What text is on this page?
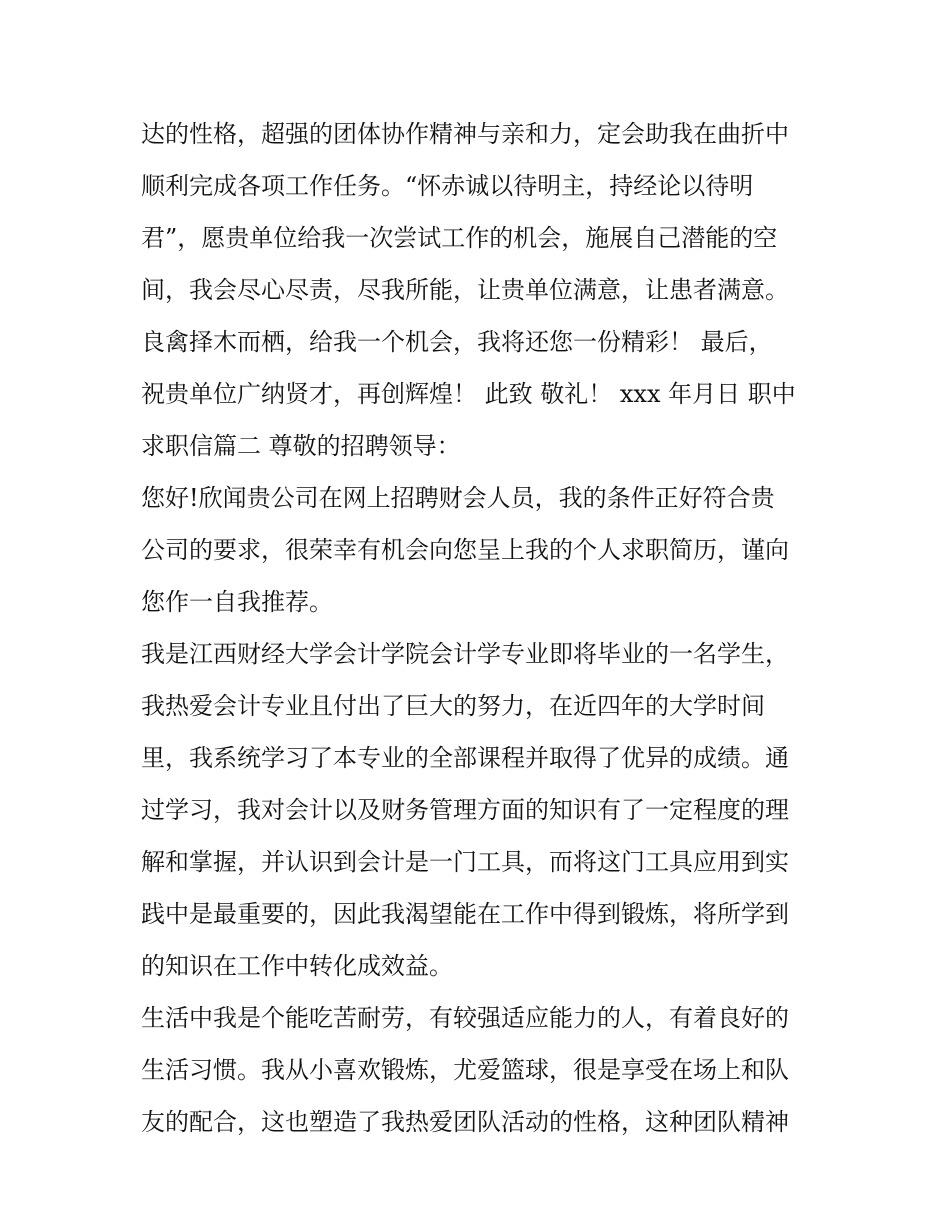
达的性格，超强的团体协作精神与亲和力，定会助我在曲折中
顺利完成各项工作任务。“怀赤诚以待明主，持经论以待明
君”，愿贵单位给我一次尝试工作的机会，施展自己潜能的空
间，我会尽心尽责，尽我所能，让贵单位满意，让患者满意。
良禽择木而栖，给我一个机会，我将还您一份精彩！ 最后，
祝贵单位广纳贤才，再创辉煌！ 此致 敬礼！ xxx 年月日 职中
求职信篇二 尊敬的招聘领导：
您好!欣闻贵公司在网上招聘财会人员，我的条件正好符合贵
公司的要求，很荣幸有机会向您呈上我的个人求职简历，谨向
您作一自我推荐。
我是江西财经大学会计学院会计学专业即将毕业的一名学生，
我热爱会计专业且付出了巨大的努力，在近四年的大学时间
里，我系统学习了本专业的全部课程并取得了优异的成绩。通
过学习，我对会计以及财务管理方面的知识有了一定程度的理
解和掌握，并认识到会计是一门工具，而将这门工具应用到实
践中是最重要的，因此我渴望能在工作中得到锻炼，将所学到
的知识在工作中转化成效益。
生活中我是个能吃苦耐劳，有较强适应能力的人，有着良好的
生活习惯。我从小喜欢锻炼，尤爱篮球，很是享受在场上和队
友的配合，这也塑造了我热爱团队活动的性格，这种团队精神
